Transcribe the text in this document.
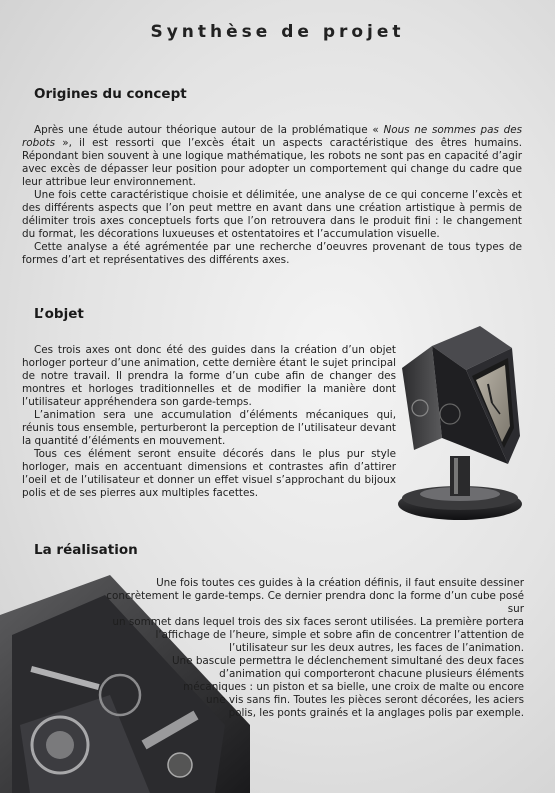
Synthèse de projet
Origines du concept

Après une étude autour théorique autour de la problématique « Nous ne sommes pas des robots », il est ressorti que l’excès était un aspects caractéristique des êtres humains. Répondant bien souvent à une logique mathématique, les robots ne sont pas en capacité d’agir avec excès de dépasser leur position pour adopter un comportement qui change du cadre que leur attribue leur environnement.

Une fois cette caractéristique choisie et délimitée, une analyse de ce qui concerne l’excès et des différents aspects que l’on peut mettre en avant dans une création artistique à permis de délimiter trois axes conceptuels forts que l’on retrouvera dans le produit fini : le changement du format, les décorations luxueuses et ostentatoires et l’accumulation visuelle.

Cette analyse a été agrémentée par une recherche d’oeuvres provenant de tous types de formes d’art et représentatives des différents axes.

L’objet

Ces trois axes ont donc été des guides dans la création d’un objet horloger porteur d’une animation, cette dernière étant le sujet principal de notre travail. Il prendra la forme d’un cube afin de changer des montres et horloges traditionnelles et de modifier la manière dont l’utilisateur appréhendera son garde-temps.

L’animation sera une accumulation d’éléments mécaniques qui, réunis tous ensemble, perturberont la perception de l’utilisateur devant la quantité d’éléments en mouvement.

Tous ces élément seront ensuite décorés dans le plus pur style horloger, mais en accentuant dimensions et contrastes afin d’attirer l’oeil et de l’utilisateur et donner un effet visuel s’approchant du bijoux polis et de ses pierres aux multiples facettes.

La réalisation

Une fois toutes ces guides à la création définis, il faut ensuite dessiner concrètement le garde-temps. Ce dernier prendra donc la forme d’un cube posé sur

un sommet dans lequel trois des six faces seront utilisées. La première portera

l’affichage de l’heure, simple et sobre afin de concentrer l’attention de l’utilisateur sur les deux autres, les faces de l’animation.

Une bascule permettra le déclenchement simultané des deux faces

d’animation qui comporteront chacune plusieurs éléments mécaniques : un piston et sa bielle, une croix de malte ou encore

une vis sans fin. Toutes les pièces seront décorées, les aciers

polis, les ponts grainés et la anglages polis par exemple.
